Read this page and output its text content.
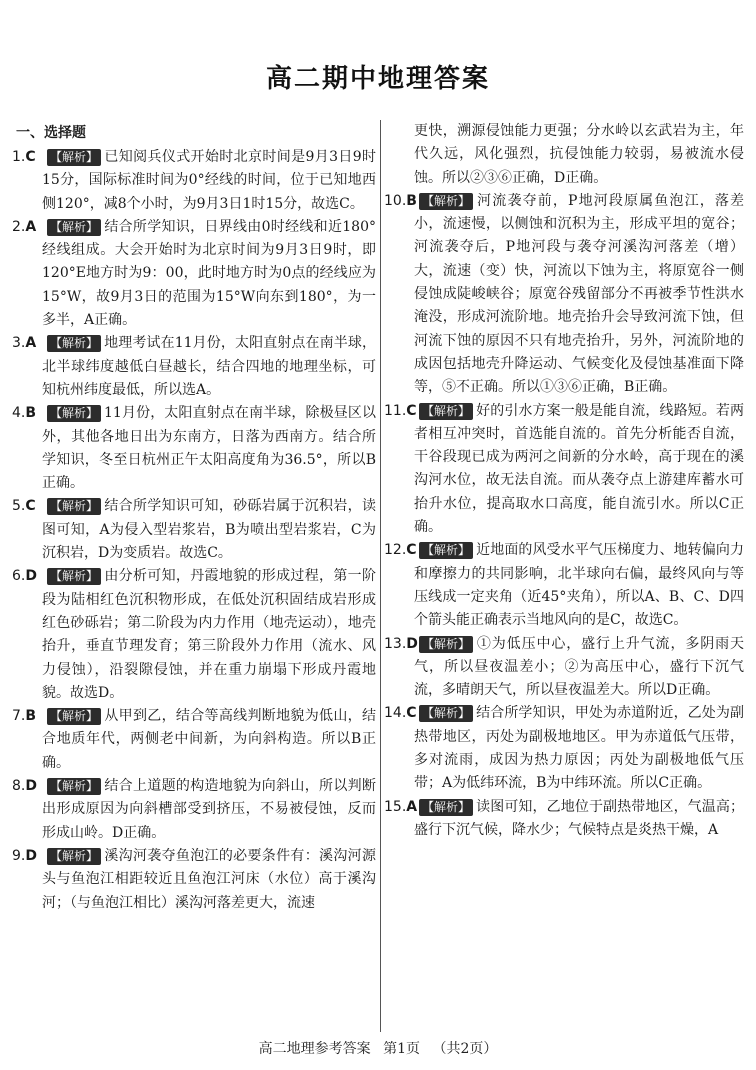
高二期中地理答案
一、选择题
1.C	【解析】 已知阅兵仪式开始时北京时间是9月3日9时15分，国际标准时间为0°经线的时间，位于已知地西侧120°，减8个小时，为9月3日1时15分，故选C。
2.A	【解析】 结合所学知识，日界线由0时经线和近180°经线组成。大会开始时为北京时间为9月3日9时，即120°E地方时为9：00，此时地方时为0点的经线应为15°W，故9月3日的范围为15°W向东到180°，为一多半，A正确。
3.A	【解析】 地理考试在11月份，太阳直射点在南半球，北半球纬度越低白昼越长，结合四地的地理坐标，可知杭州纬度最低，所以选A。
4.B	【解析】 11月份，太阳直射点在南半球，除极昼区以外，其他各地日出为东南方，日落为西南方。结合所学知识，冬至日杭州正午太阳高度角为36.5°，所以B正确。
5.C	【解析】 结合所学知识可知，砂砾岩属于沉积岩，读图可知，A为侵入型岩浆岩，B为喷出型岩浆岩，C为沉积岩，D为变质岩。故选C。
6.D	【解析】 由分析可知，丹霞地貌的形成过程，第一阶段为陆相红色沉积物形成，在低处沉积固结成岩形成红色砂砾岩；第二阶段为内力作用（地壳运动），地壳抬升，垂直节理发育；第三阶段外力作用（流水、风力侵蚀），沿裂隙侵蚀，并在重力崩塌下形成丹霞地貌。故选D。
7.B	【解析】 从甲到乙，结合等高线判断地貌为低山，结合地质年代，两侧老中间新，为向斜构造。所以B正确。
8.D	【解析】 结合上道题的构造地貌为向斜山，所以判断出形成原因为向斜槽部受到挤压，不易被侵蚀，反而形成山岭。D正确。
9.D	【解析】 溪沟河袭夺鱼泡江的必要条件有：溪沟河源头与鱼泡江相距较近且鱼泡江河床（水位）高于溪沟河；（与鱼泡江相比）溪沟河落差更大，流速
更快，溯源侵蚀能力更强；分水岭以玄武岩为主，年代久远，风化强烈，抗侵蚀能力较弱，易被流水侵蚀。所以②③⑥正确，D正确。
10.B 【解析】 河流袭夺前，P地河段原属鱼泡江，落差小，流速慢，以侧蚀和沉积为主，形成平坦的宽谷；河流袭夺后，P地河段与袭夺河溪沟河落差（增）大，流速（变）快，河流以下蚀为主，将原宽谷一侧侵蚀成陡峻峡谷；原宽谷残留部分不再被季节性洪水淹没，形成河流阶地。地壳抬升会导致河流下蚀，但河流下蚀的原因不只有地壳抬升，另外，河流阶地的成因包括地壳升降运动、气候变化及侵蚀基准面下降等，⑤不正确。所以①③⑥正确，B正确。
11.C 【解析】 好的引水方案一般是能自流，线路短。若两者相互冲突时，首选能自流的。首先分析能否自流，干谷段现已成为两河之间新的分水岭，高于现在的溪沟河水位，故无法自流。而从袭夺点上游建库蓄水可抬升水位，提高取水口高度，能自流引水。所以C正确。
12.C 【解析】 近地面的风受水平气压梯度力、地转偏向力和摩擦力的共同影响，北半球向右偏，最终风向与等压线成一定夹角（近45°夹角），所以A、B、C、D四个箭头能正确表示当地风向的是C，故选C。
13.D 【解析】 ①为低压中心，盛行上升气流，多阴雨天气，所以昼夜温差小；②为高压中心，盛行下沉气流，多晴朗天气，所以昼夜温差大。所以D正确。
14.C 【解析】 结合所学知识，甲处为赤道附近，乙处为副热带地区，丙处为副极地地区。甲为赤道低气压带，多对流雨，成因为热力原因；丙处为副极地低气压带；A为低纬环流，B为中纬环流。所以C正确。
15.A 【解析】 读图可知，乙地位于副热带地区，气温高；盛行下沉气候，降水少；气候特点是炎热干燥，A
高二地理参考答案 第1页 （共2页）
